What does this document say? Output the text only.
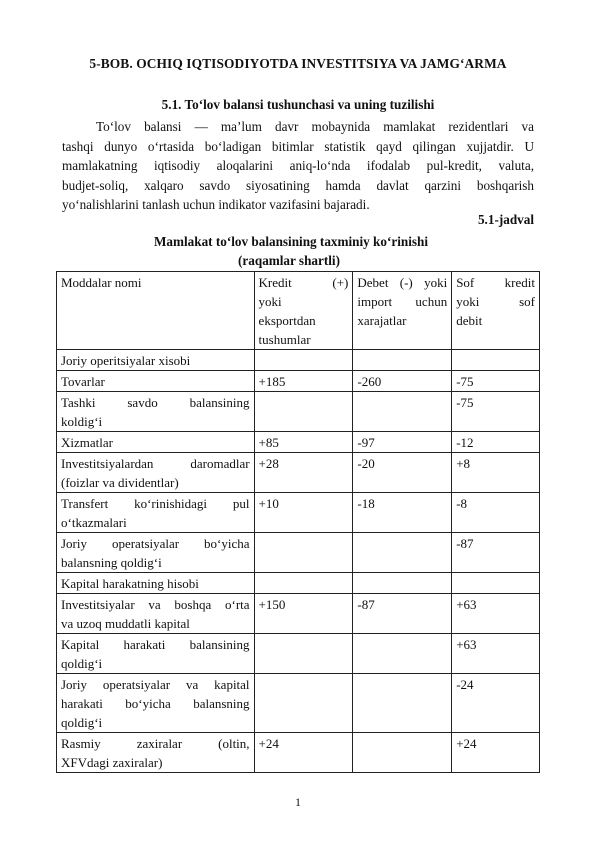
5-BOB. OCHIQ IQTISODIYOTDA INVESTITSIYA VA JAMG‘ARMA
5.1. To‘lov balansi tushunchasi va uning tuzilishi
To‘lov balansi — ma’lum davr mobaynida mamlakat rezidentlari va
tashqi dunyo o‘rtasida bo‘ladigan bitimlar statistik qayd qilingan xujjatdir. U
mamlakatning iqtisodiy aloqalarini aniq-lo‘nda ifodalab pul-kredit, valuta,
budjet-soliq, xalqaro savdo siyosatining hamda davlat qarzini boshqarish
yo‘nalishlarini tanlash uchun indikator vazifasini bajaradi.
5.1-jadval
Mamlakat to‘lov balansining taxminiy ko‘rinishi
(raqamlar shartli)
Moddalar nomi	Kredit (+)
yoki
eksportdan
tushumlar	Debet (-) yoki
import uchun
xarajatlar	Sof kredit
yoki sof
debit

Joriy operitsiyalar xisobi			

Tovarlar	+185	-260	-75

Tashki savdo balansining
koldig‘i			-75

Xizmatlar	+85	-97	-12

Investitsiyalardan daromadlar
(foizlar va dividentlar)	+28	-20	+8

Transfert ko‘rinishidagi pul
o‘tkazmalari	+10	-18	-8

Joriy operatsiyalar bo‘yicha
balansning qoldig‘i			-87

Kapital harakatning hisobi			

Investitsiyalar va boshqa o‘rta
va uzoq muddatli kapital	+150	-87	+63

Kapital harakati balansining
qoldig‘i			+63

Joriy operatsiyalar va kapital
harakati bo‘yicha balansning
qoldig‘i			-24

Rasmiy zaxiralar (oltin,
XFVdagi zaxiralar)	+24		+24
1
